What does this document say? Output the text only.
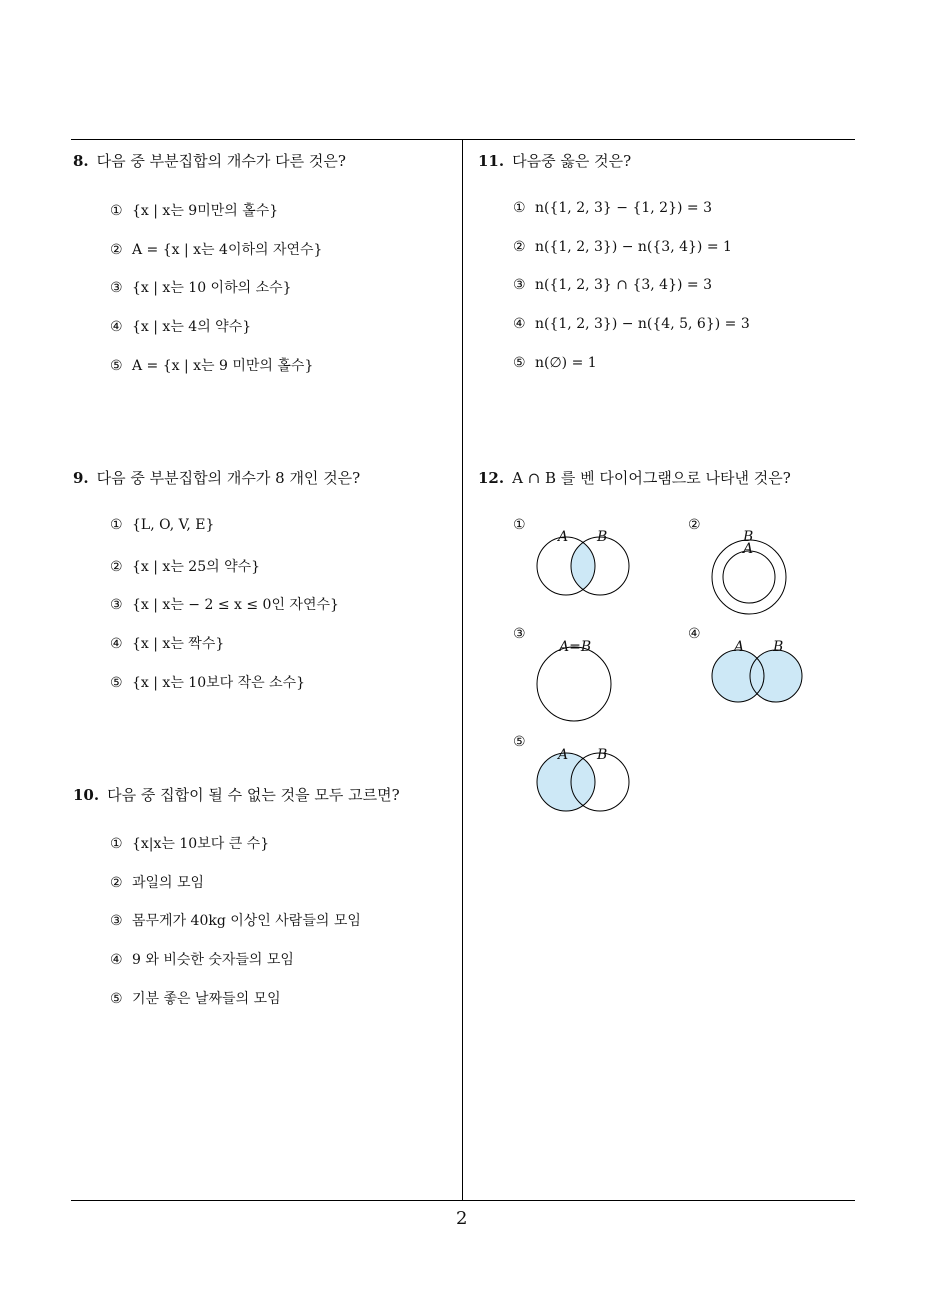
8. 다음 중 부분집합의 개수가 다른 것은?
① {x | x는 9미만의 홀수}
② A = {x | x는 4이하의 자연수}
③ {x | x는 10 이하의 소수}
④ {x | x는 4의 약수}
⑤ A = {x | x는 9 미만의 홀수}
9. 다음 중 부분집합의 개수가 8 개인 것은?
① {L, O, V, E}
② {x | x는 25의 약수}
③ {x | x는 − 2 ≤ x ≤ 0인 자연수}
④ {x | x는 짝수}
⑤ {x | x는 10보다 작은 소수}
10. 다음 중 집합이 될 수 없는 것을 모두 고르면?
① {x|x는 10보다 큰 수}
② 과일의 모임
③ 몸무게가 40kg 이상인 사람들의 모임
④ 9 와 비슷한 숫자들의 모임
⑤ 기분 좋은 날짜들의 모임
11. 다음중 옳은 것은?
① n({1, 2, 3} − {1, 2}) = 3
② n({1, 2, 3}) − n({3, 4}) = 1
③ n({1, 2, 3} ∩ {3, 4}) = 3
④ n({1, 2, 3}) − n({4, 5, 6}) = 3
⑤ n(∅) = 1
12. A ∩ B 를 벤 다이어그램으로 나타낸 것은?
①
A B
②
B
A
③
A=B
④
A B
⑤
A B
2
